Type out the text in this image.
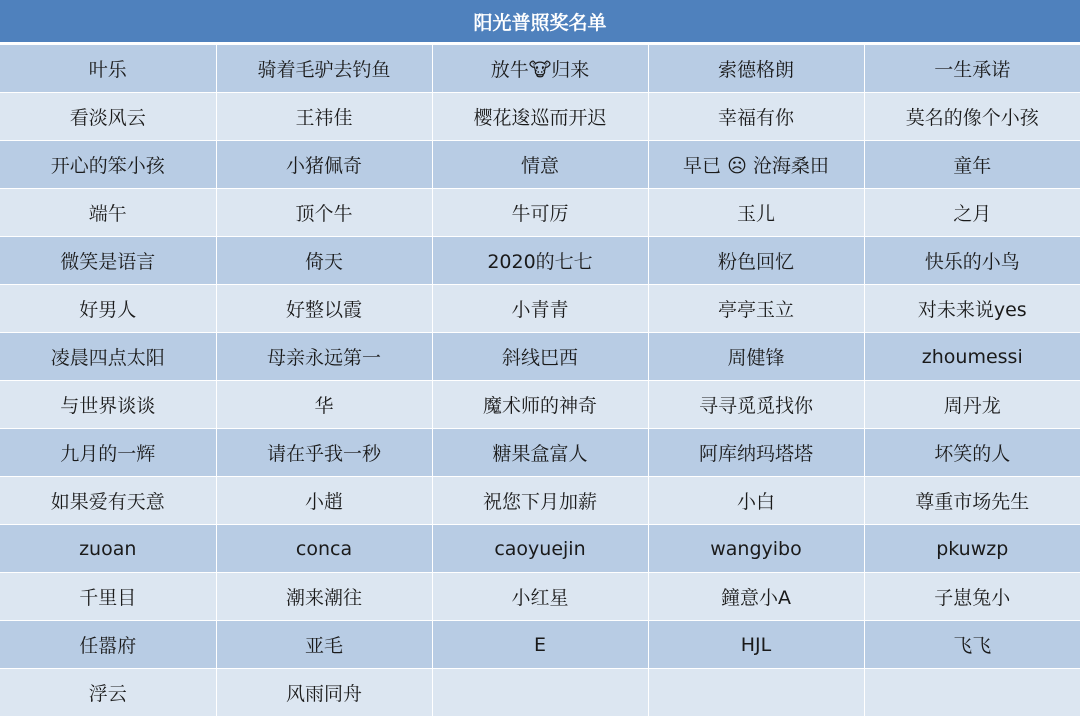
阳光普照奖名单
叶乐	骑着毛驴去钓鱼	放牛🐮归来	索德格朗	一生承诺
看淡风云	王祎佳	樱花逡巡而开迟	幸福有你	莫名的像个小孩
开心的笨小孩	小猪佩奇	情意	早已 ☹ 沧海桑田	童年
端午	顶个牛	牛可厉	玉儿	之月
微笑是语言	倚天	2020的七七	粉色回忆	快乐的小鸟
好男人	好整以霞	小青青	亭亭玉立	对未来说yes
凌晨四点太阳	母亲永远第一	斜线巴西	周健锋	zhoumessi
与世界谈谈	华	魔术师的神奇	寻寻觅觅找你	周丹龙
九月的一辉	请在乎我一秒	糖果盒富人	阿库纳玛塔塔	坏笑的人
如果爱有天意	小趙	祝您下月加薪	小白	尊重市场先生
zuoan	conca	caoyuejin	wangyibo	pkuwzp
千里目	潮来潮往	小红星	鐘意小A	子崽兔小
任嚣府	亚毛	E	HJL	飞飞
浮云	风雨同舟			
